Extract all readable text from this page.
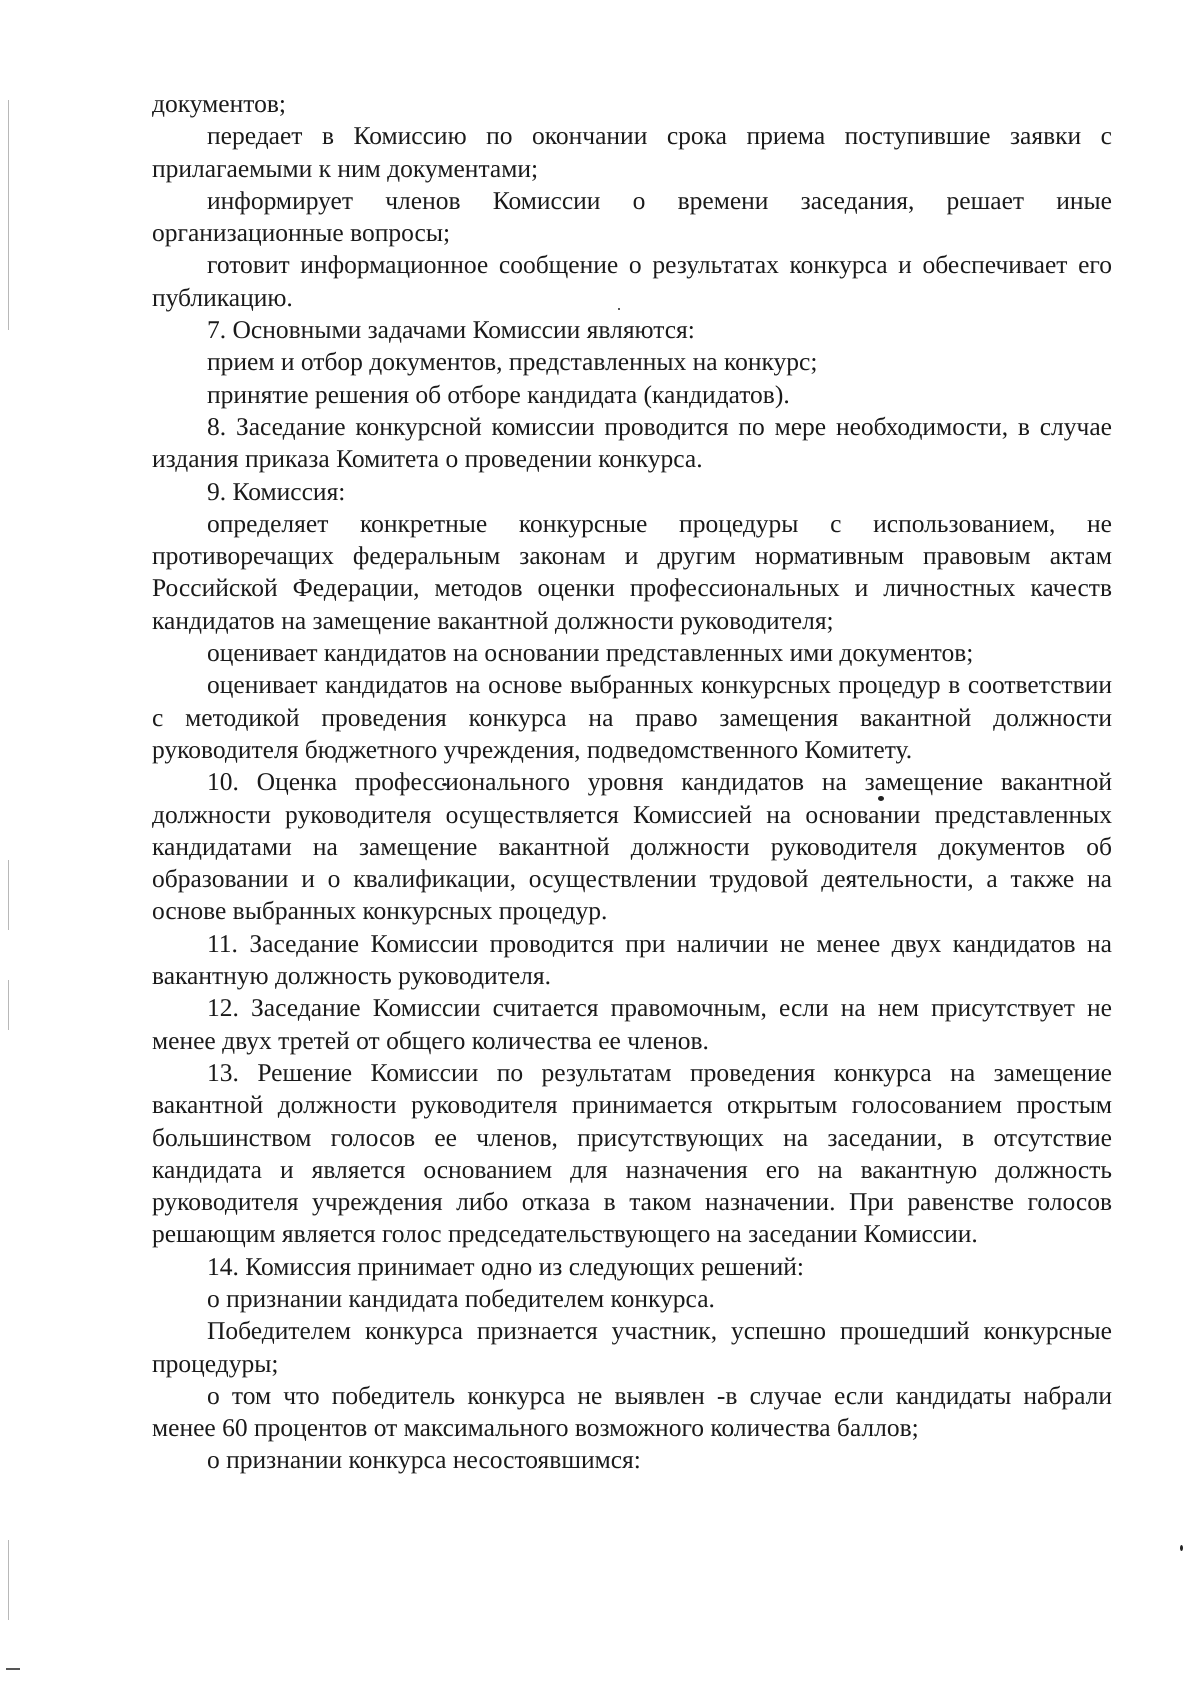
документов;

передает в Комиссию по окончании срока приема поступившие заявки с прилагаемыми к ним документами;

информирует членов Комиссии о времени заседания, решает иные организационные вопросы;

готовит информационное сообщение о результатах конкурса и обеспечивает его публикацию.

7. Основными задачами Комиссии являются:

прием и отбор документов, представленных на конкурс;

принятие решения об отборе кандидата (кандидатов).

8. Заседание конкурсной комиссии проводится по мере необходимости, в случае издания приказа Комитета о проведении конкурса.

9. Комиссия:

определяет конкретные конкурсные процедуры с использованием, не противоречащих федеральным законам и другим нормативным правовым актам Российской Федерации, методов оценки профессиональных и личностных качеств кандидатов на замещение вакантной должности руководителя;

оценивает кандидатов на основании представленных ими документов;

оценивает кандидатов на основе выбранных конкурсных процедур в соответствии с методикой проведения конкурса на право замещения вакантной должности руководителя бюджетного учреждения, подведомственного Комитету.

10. Оценка профессионального уровня кандидатов на замещение вакантной должности руководителя осуществляется Комиссией на основании представленных кандидатами на замещение вакантной должности руководителя документов об образовании и о квалификации, осуществлении трудовой деятельности, а также на основе выбранных конкурсных процедур.

11. Заседание Комиссии проводится при наличии не менее двух кандидатов на вакантную должность руководителя.

12. Заседание Комиссии считается правомочным, если на нем присутствует не менее двух третей от общего количества ее членов.

13. Решение Комиссии по результатам проведения конкурса на замещение вакантной должности руководителя принимается открытым голосованием простым большинством голосов ее членов, присутствующих на заседании, в отсутствие кандидата и является основанием для назначения его на вакантную должность руководителя учреждения либо отказа в таком назначении. При равенстве голосов решающим является голос председательствующего на заседании Комиссии.

14. Комиссия принимает одно из следующих решений:

о признании кандидата победителем конкурса.

Победителем конкурса признается участник, успешно прошедший конкурсные процедуры;

о том что победитель конкурса не выявлен -в случае если кандидаты набрали менее 60 процентов от максимального возможного количества баллов;

о признании конкурса несостоявшимся:
